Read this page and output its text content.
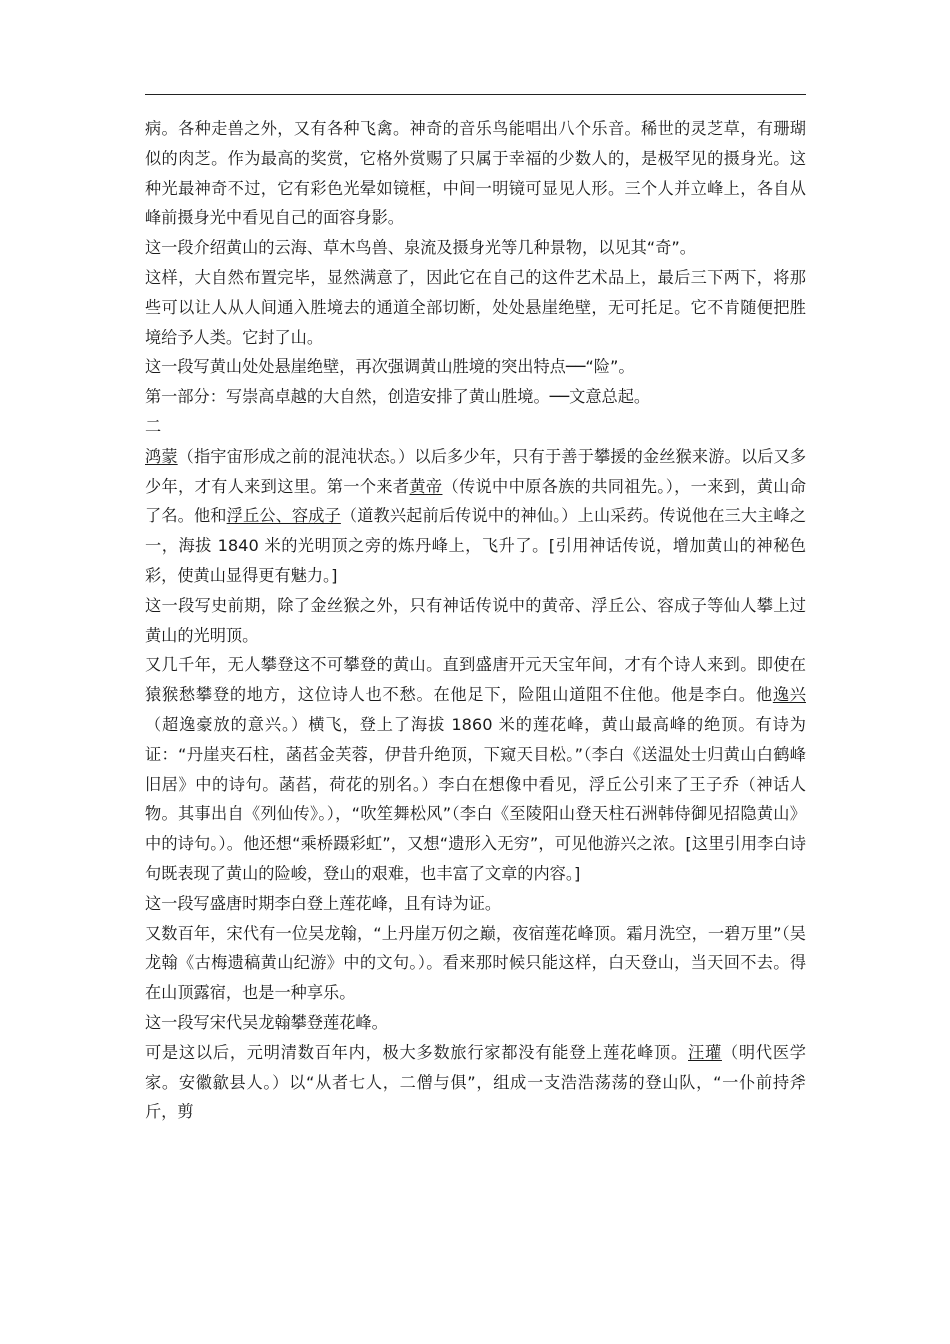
病。各种走兽之外，又有各种飞禽。神奇的音乐鸟能唱出八个乐音。稀世的灵芝草，有珊瑚似的肉芝。作为最高的奖赏，它格外赏赐了只属于幸福的少数人的，是极罕见的摄身光。这种光最神奇不过，它有彩色光晕如镜框，中间一明镜可显见人形。三个人并立峰上，各自从峰前摄身光中看见自己的面容身影。

这一段介绍黄山的云海、草木鸟兽、泉流及摄身光等几种景物，以见其“奇”。

这样，大自然布置完毕，显然满意了，因此它在自己的这件艺术品上，最后三下两下，将那些可以让人从人间通入胜境去的通道全部切断，处处悬崖绝壁，无可托足。它不肯随便把胜境给予人类。它封了山。

这一段写黄山处处悬崖绝壁，再次强调黄山胜境的突出特点──“险”。

第一部分：写崇高卓越的大自然，创造安排了黄山胜境。──文意总起。

二

鸿蒙（指宇宙形成之前的混沌状态。）以后多少年，只有于善于攀援的金丝猴来游。以后又多少年，才有人来到这里。第一个来者黄帝（传说中中原各族的共同祖先。），一来到，黄山命了名。他和浮丘公、容成子（道教兴起前后传说中的神仙。）上山采药。传说他在三大主峰之一，海拔 1840 米的光明顶之旁的炼丹峰上，飞升了。[引用神话传说，增加黄山的神秘色彩，使黄山显得更有魅力。]

这一段写史前期，除了金丝猴之外，只有神话传说中的黄帝、浮丘公、容成子等仙人攀上过黄山的光明顶。

又几千年，无人攀登这不可攀登的黄山。直到盛唐开元天宝年间，才有个诗人来到。即使在猿猴愁攀登的地方，这位诗人也不愁。在他足下，险阻山道阻不住他。他是李白。他逸兴（超逸豪放的意兴。）横飞，登上了海拔 1860 米的莲花峰，黄山最高峰的绝顶。有诗为证：“丹崖夹石柱，菡萏金芙蓉，伊昔升绝顶，下窥天目松。”（李白《送温处士归黄山白鹤峰旧居》中的诗句。菡萏，荷花的别名。）李白在想像中看见，浮丘公引来了王子乔（神话人物。其事出自《列仙传》。），“吹笙舞松风”（李白《至陵阳山登天柱石洲韩侍御见招隐黄山》中的诗句。）。他还想“乘桥蹑彩虹”，又想“遗形入无穷”，可见他游兴之浓。[这里引用李白诗句既表现了黄山的险峻，登山的艰难，也丰富了文章的内容。]

这一段写盛唐时期李白登上莲花峰，且有诗为证。

又数百年，宋代有一位吴龙翰，“上丹崖万仞之巅，夜宿莲花峰顶。霜月洗空，一碧万里”（吴龙翰《古梅遗稿黄山纪游》中的文句。）。看来那时候只能这样，白天登山，当天回不去。得在山顶露宿，也是一种享乐。

这一段写宋代吴龙翰攀登莲花峰。

可是这以后，元明清数百年内，极大多数旅行家都没有能登上莲花峰顶。汪瓘（明代医学家。安徽歙县人。）以“从者七人，二僧与俱”，组成一支浩浩荡荡的登山队，“一仆前持斧斤，剪
